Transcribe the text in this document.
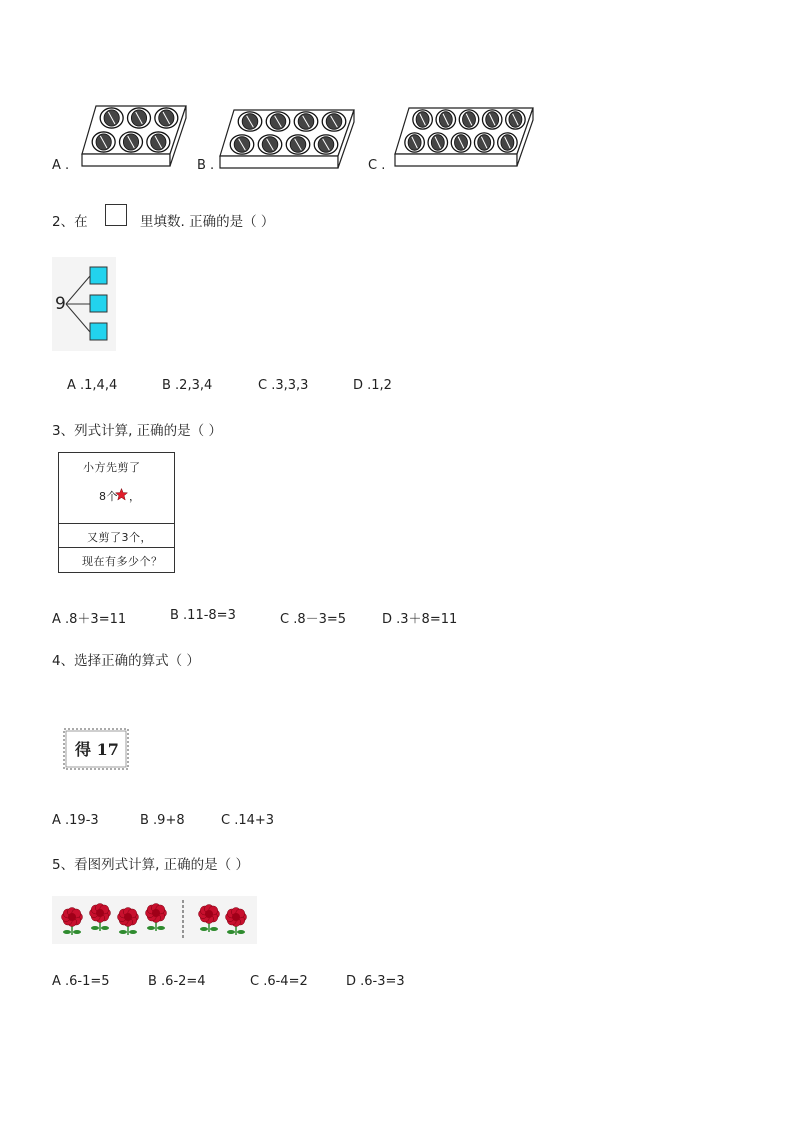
A .	B .	C .
2、在	里填数. 正确的是（ ）
9
A .1,4,4	B .2,3,4	C .3,3,3	D .1,2
3、列式计算, 正确的是（ ）
小方先剪了
8个 ，
又剪了3个，
现在有多少个？
A .8＋3=11	B .11-8=3	C .8－3=5	D .3＋8=11
4、选择正确的算式（ ）
得 17
A .19-3	B .9+8	C .14+3
5、看图列式计算, 正确的是（ ）
A .6-1=5	B .6-2=4	C .6-4=2	D .6-3=3
